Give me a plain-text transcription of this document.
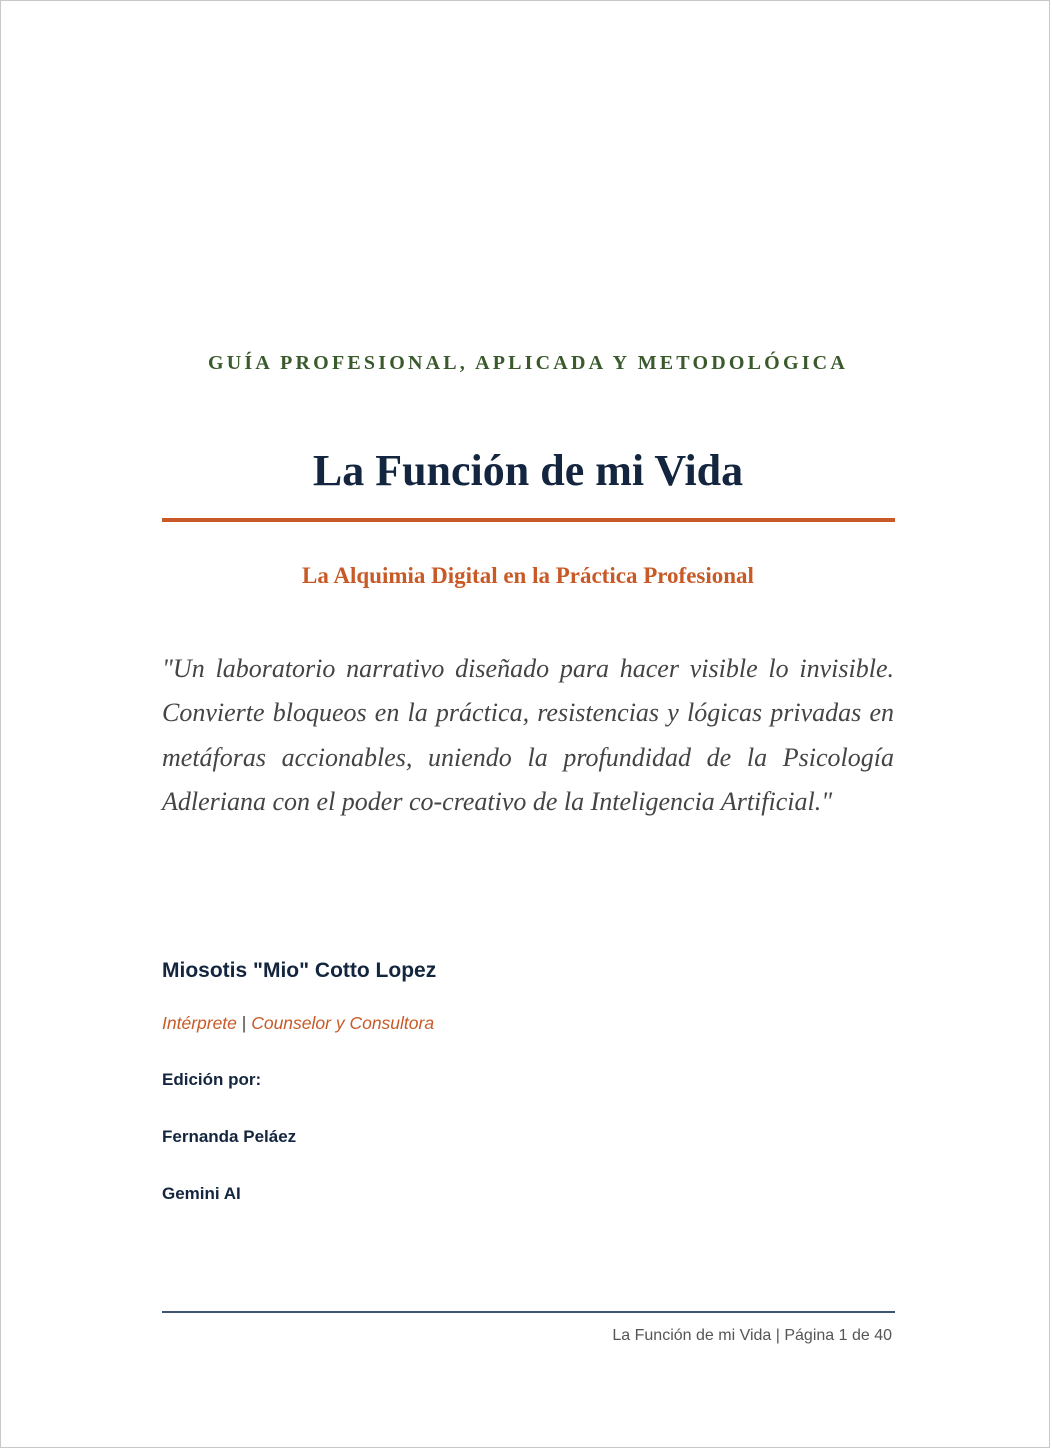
GUÍA PROFESIONAL, APLICADA Y METODOLÓGICA
La Función de mi Vida
La Alquimia Digital en la Práctica Profesional

"Un laboratorio narrativo diseñado para hacer visible lo invisible. Convierte bloqueos en la práctica, resistencias y lógicas privadas en metáforas accionables, uniendo la profundidad de la Psicología Adleriana con el poder co-creativo de la Inteligencia Artificial."

Miosotis "Mio" Cotto Lopez
Intérprete | Counselor y Consultora
Edición por:
Fernanda Peláez
Gemini AI
La Función de mi Vida | Página 1 de 40
